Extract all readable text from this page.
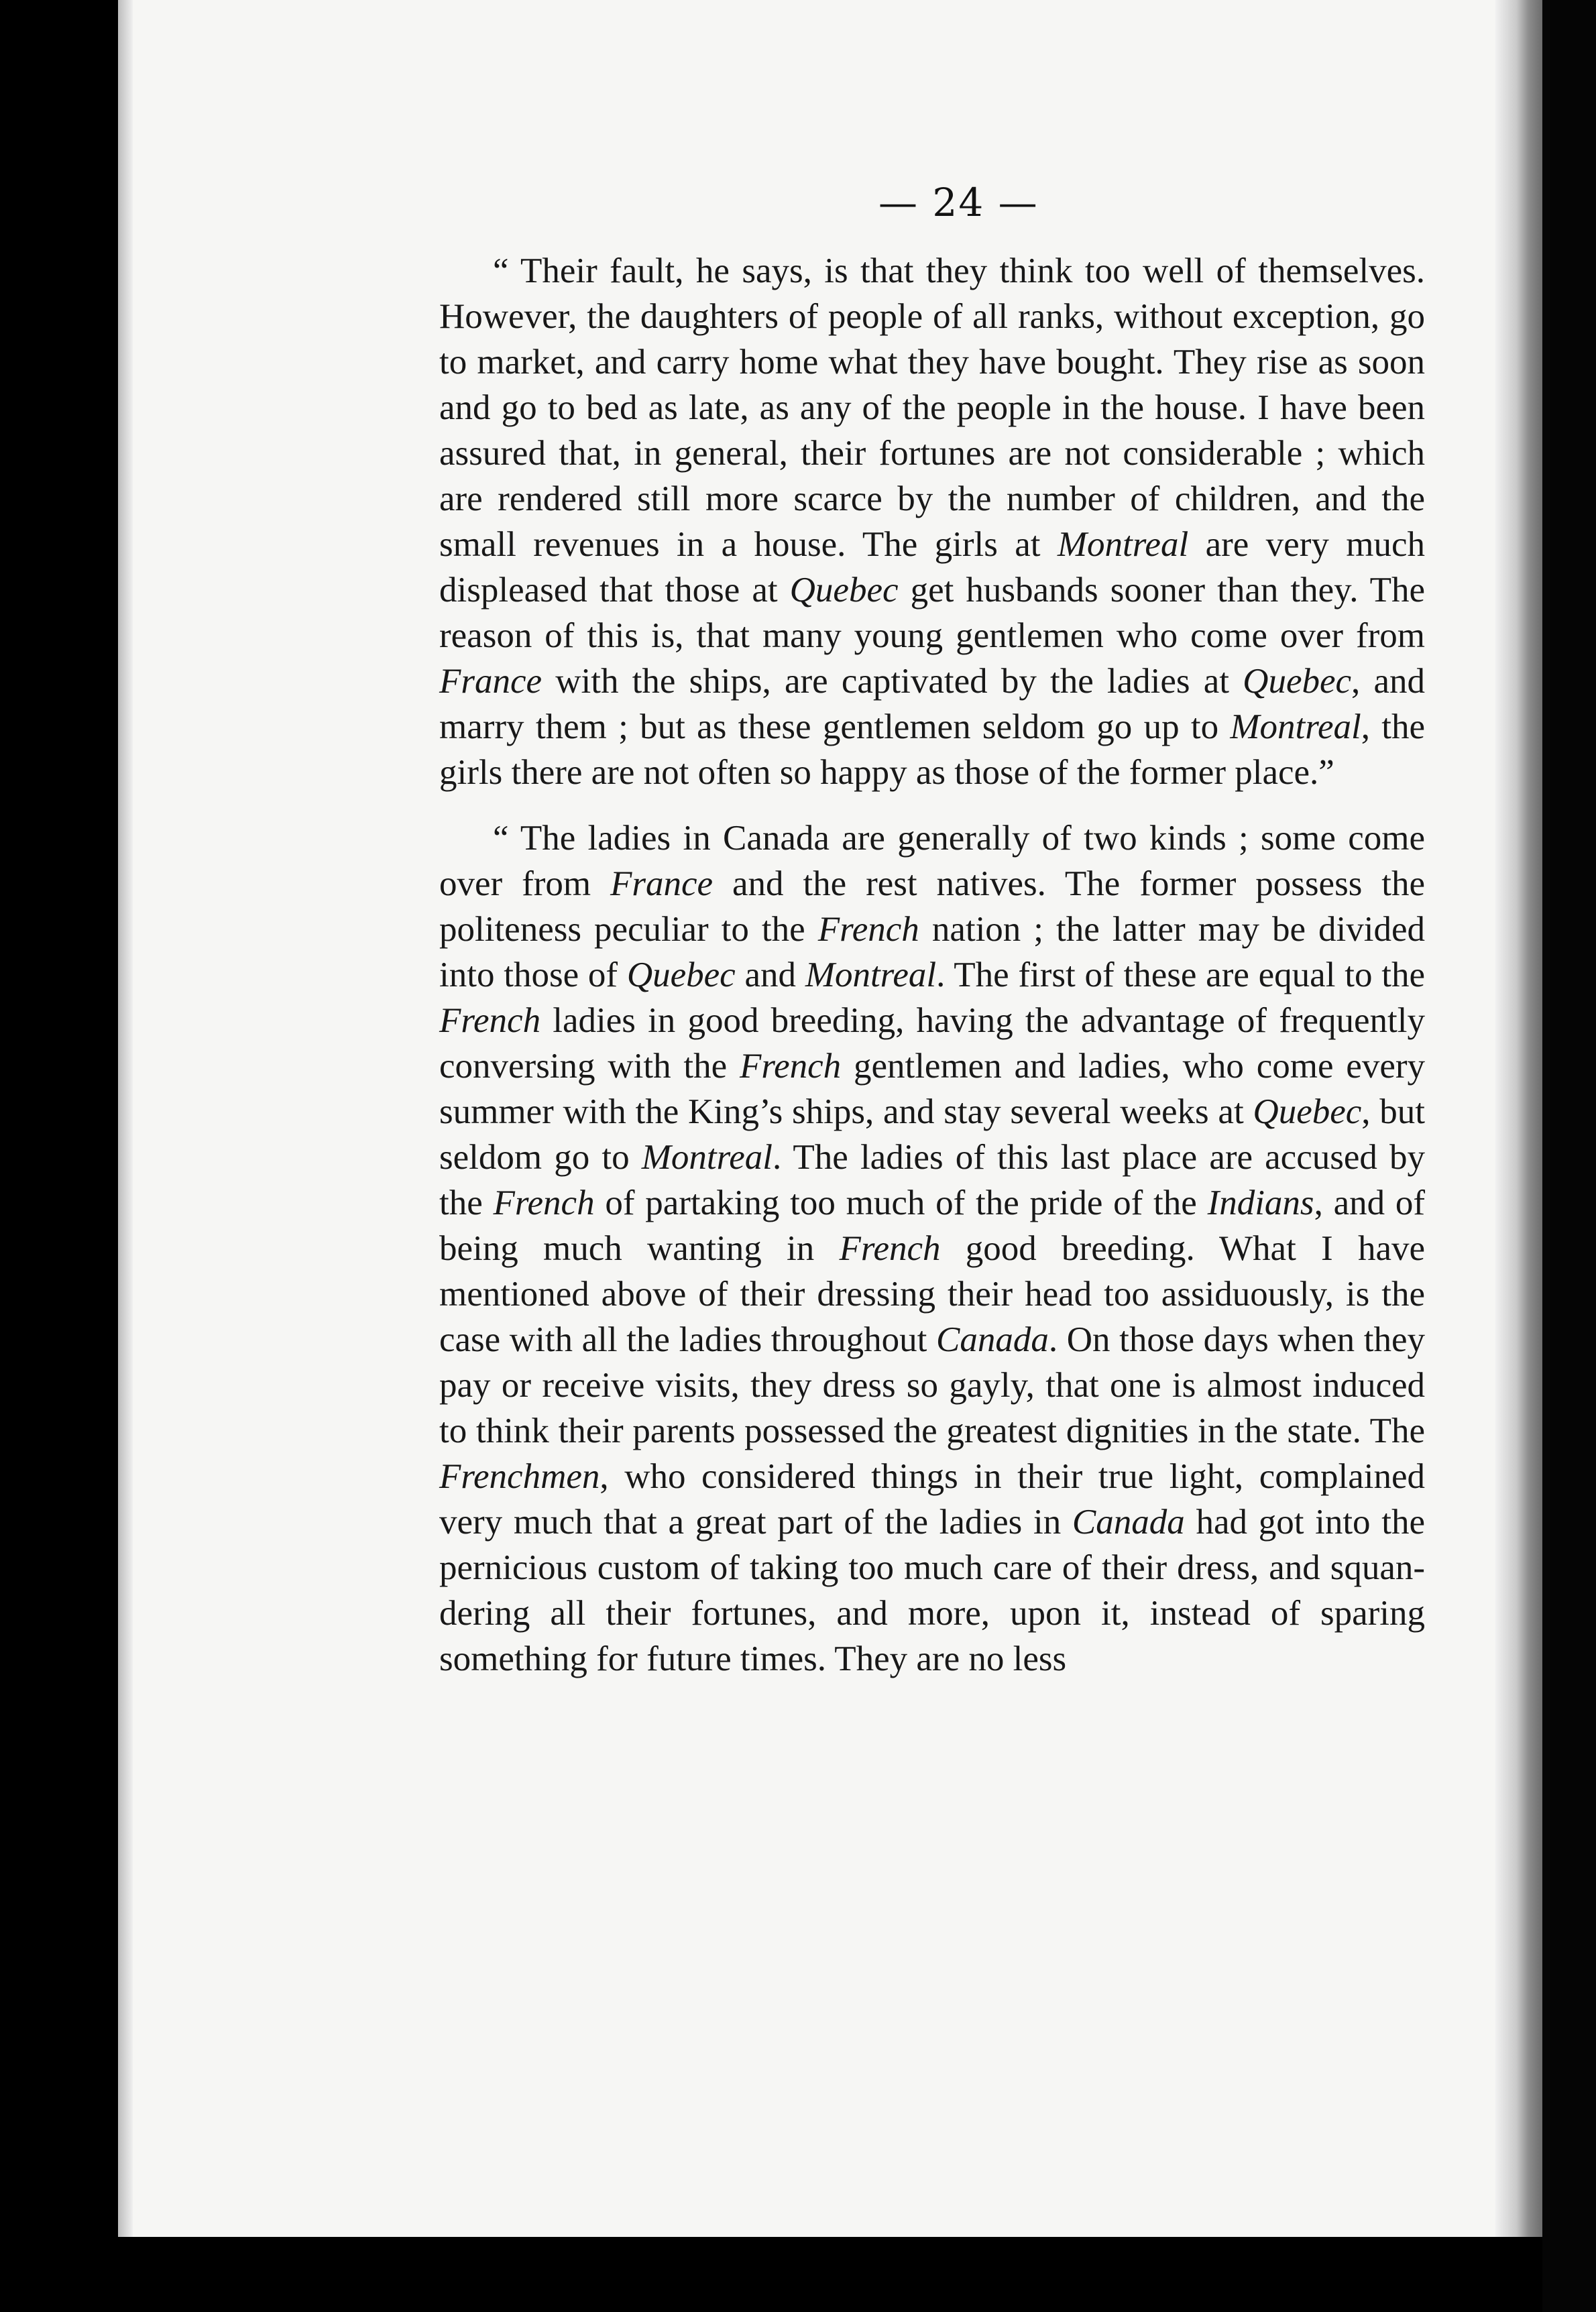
— 24 —

“ Their fault, he says, is that they think too well of themselves. However, the daughters of people of all ranks, without exception, go to market, and carry home what they have bought. They rise as soon and go to bed as late, as any of the people in the house. I have been assured that, in general, their fortunes are not considerable ; which are rendered still more scarce by the number of children, and the small revenues in a house. The girls at Montreal are very much displeased that those at Quebec get husbands sooner than they. The reason of this is, that many young gentlemen who come over from France with the ships, are captivated by the ladies at Quebec, and marry them ; but as these gentlemen seldom go up to Montreal, the girls there are not often so happy as those of the former place.”

“ The ladies in Canada are generally of two kinds ; some come over from France and the rest natives. The former possess the politeness peculiar to the French nation ; the latter may be divided into those of Quebec and Montreal. The first of these are equal to the French ladies in good breeding, having the advantage of frequently conversing with the French gentlemen and ladies, who come every summer with the King’s ships, and stay several weeks at Quebec, but seldom go to Montreal. The ladies of this last place are accused by the French of partaking too much of the pride of the Indians, and of being much wanting in French good breeding. What I have mentioned above of their dressing their head too assiduously, is the case with all the ladies throughout Canada. On those days when they pay or receive visits, they dress so gayly, that one is almost induced to think their parents possessed the greatest dignities in the state. The Frenchmen, who considered things in their true light, complained very much that a great part of the ladies in Canada had got into the pernicious custom of taking too much care of their dress, and squandering all their fortunes, and more, upon it, instead of sparing something for future times. They are no less
